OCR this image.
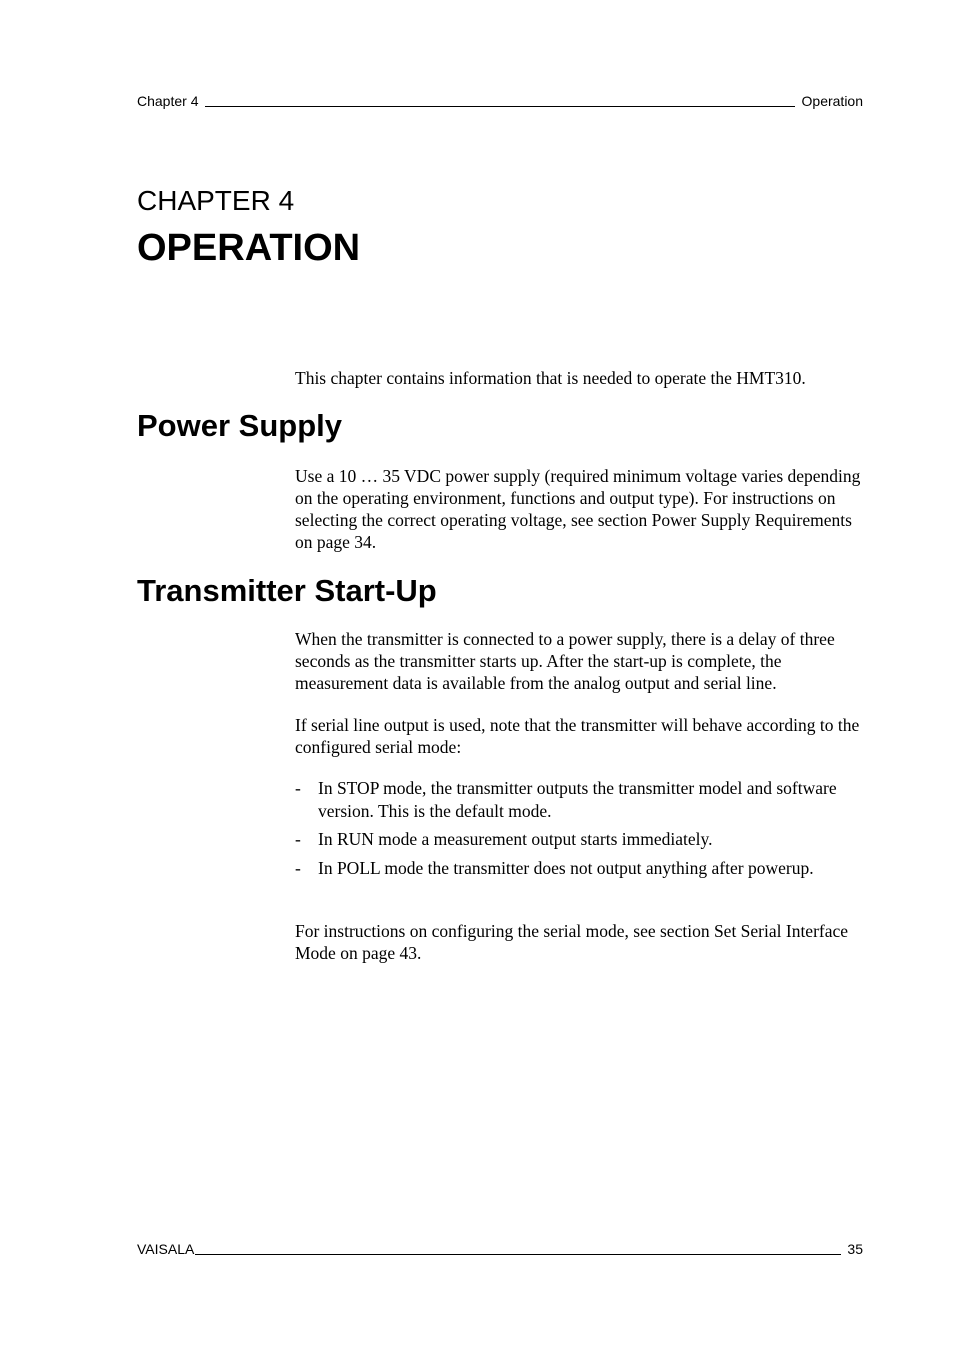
Chapter 4	Operation
CHAPTER 4
OPERATION

This chapter contains information that is needed to operate the HMT310.

Power Supply

Use a 10 … 35 VDC power supply (required minimum voltage varies depending on the operating environment, functions and output type). For instructions on selecting the correct operating voltage, see section Power Supply Requirements on page 34.

Transmitter Start-Up

When the transmitter is connected to a power supply, there is a delay of three seconds as the transmitter starts up. After the start-up is complete, the measurement data is available from the analog output and serial line.

If serial line output is used, note that the transmitter will behave according to the configured serial mode:

- In STOP mode, the transmitter outputs the transmitter model and software version. This is the default mode.
- In RUN mode a measurement output starts immediately.
- In POLL mode the transmitter does not output anything after powerup.

For instructions on configuring the serial mode, see section Set Serial Interface Mode on page 43.

VAISALA	35
